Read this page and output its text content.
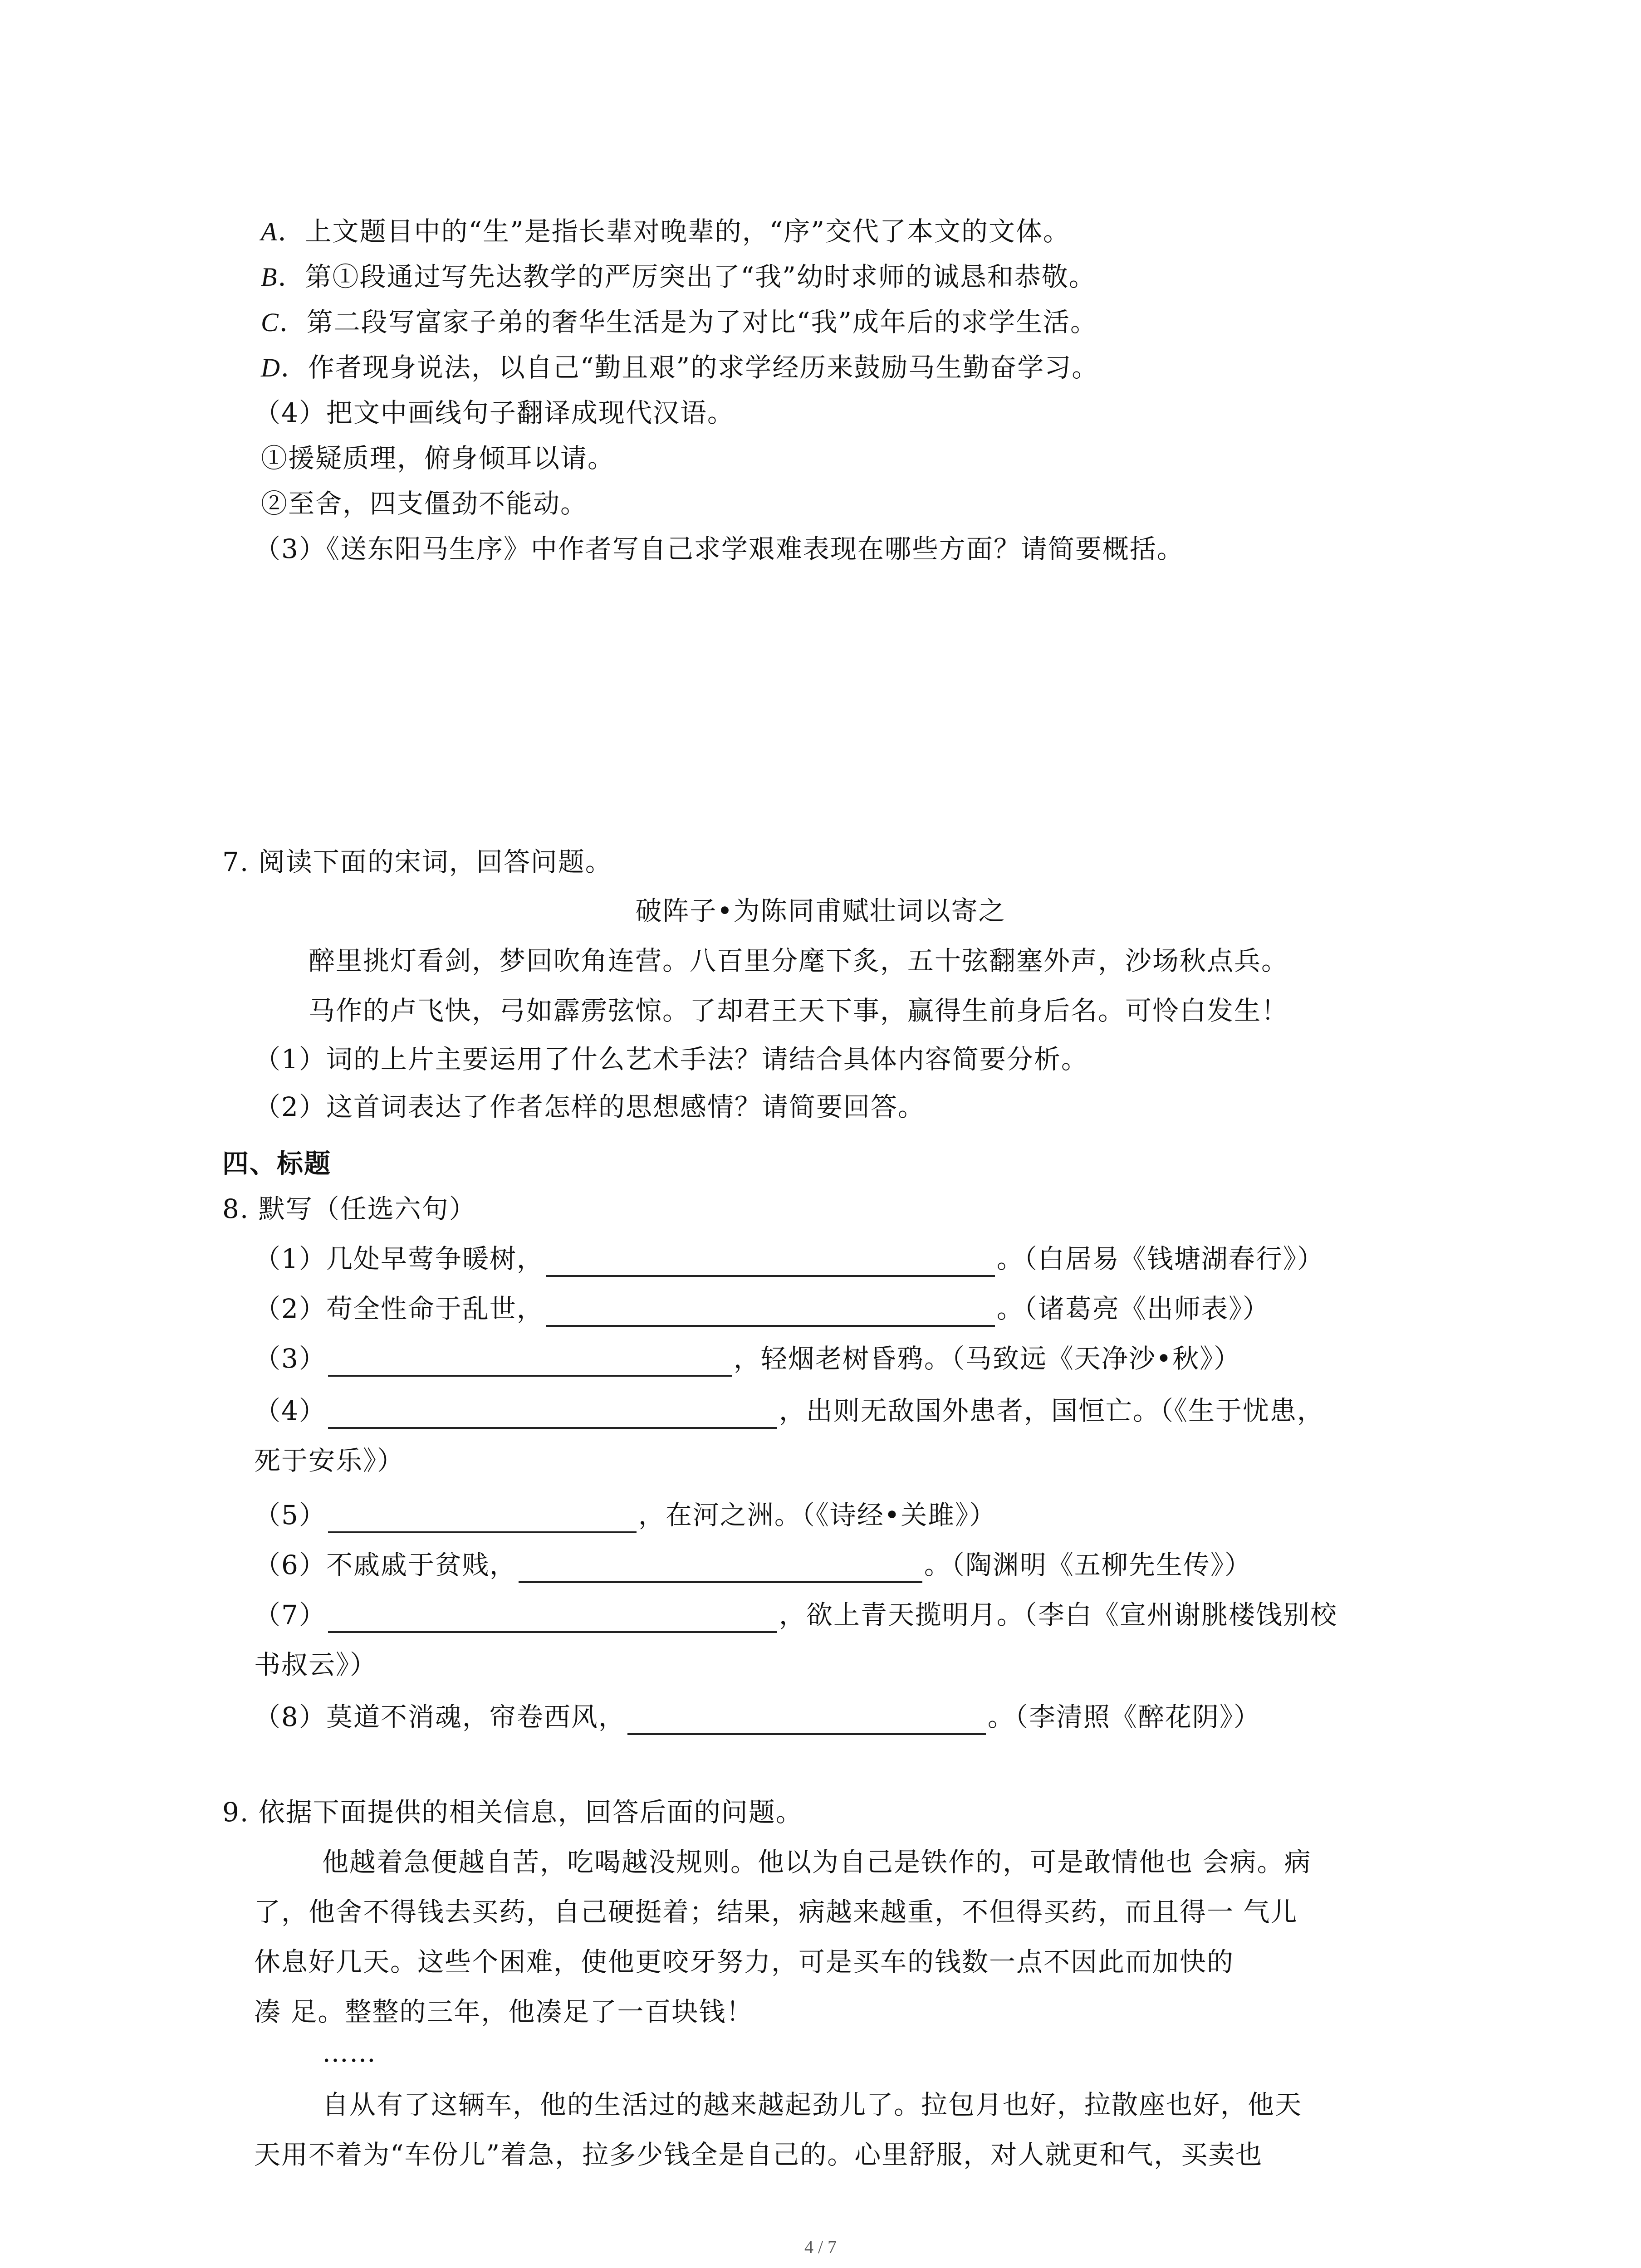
A．上文题目中的“生”是指长辈对晚辈的，“序”交代了本文的文体。
B．第①段通过写先达教学的严厉突出了“我”幼时求师的诚恳和恭敬。
C．第二段写富家子弟的奢华生活是为了对比“我”成年后的求学生活。
D．作者现身说法，以自己“勤且艰”的求学经历来鼓励马生勤奋学习。
（4）把文中画线句子翻译成现代汉语。
①援疑质理，俯身倾耳以请。
②至舍，四支僵劲不能动。
（3）《送东阳马生序》中作者写自己求学艰难表现在哪些方面？请简要概括。
7. 阅读下面的宋词，回答问题。
破阵子•为陈同甫赋壮词以寄之
醉里挑灯看剑，梦回吹角连营。八百里分麾下炙，五十弦翻塞外声，沙场秋点兵。
马作的卢飞快，弓如霹雳弦惊。了却君王天下事，赢得生前身后名。可怜白发生！
（1）词的上片主要运用了什么艺术手法？请结合具体内容简要分析。
（2）这首词表达了作者怎样的思想感情？请简要回答。
四、标题
8. 默写（任选六句）
（1）几处早莺争暖树，	。（白居易《钱塘湖春行》）
（2）苟全性命于乱世，	。（诸葛亮《出师表》）
（3）	，轻烟老树昏鸦。（马致远《天净沙•秋》）
（4）	，出则无敌国外患者，国恒亡。（《生于忧患，
死于安乐》）
（5）	，在河之洲。（《诗经•关雎》）
（6）不戚戚于贫贱，	。（陶渊明《五柳先生传》）
（7）	，欲上青天揽明月。（李白《宣州谢朓楼饯别校
书叔云》）
（8）莫道不消魂，帘卷西风，	。（李清照《醉花阴》）
9. 依据下面提供的相关信息，回答后面的问题。
他越着急便越自苦，吃喝越没规则。他以为自己是铁作的，可是敢情他也 会病。病
了，他舍不得钱去买药，自己硬挺着；结果，病越来越重，不但得买药，而且得一 气儿
休息好几天。这些个困难，使他更咬牙努力，可是买车的钱数一点不因此而加快的
凑 足。整整的三年，他凑足了一百块钱！
……
自从有了这辆车，他的生活过的越来越起劲儿了。拉包月也好，拉散座也好，他天
天用不着为“车份儿”着急，拉多少钱全是自己的。心里舒服，对人就更和气，买卖也
4 / 7
